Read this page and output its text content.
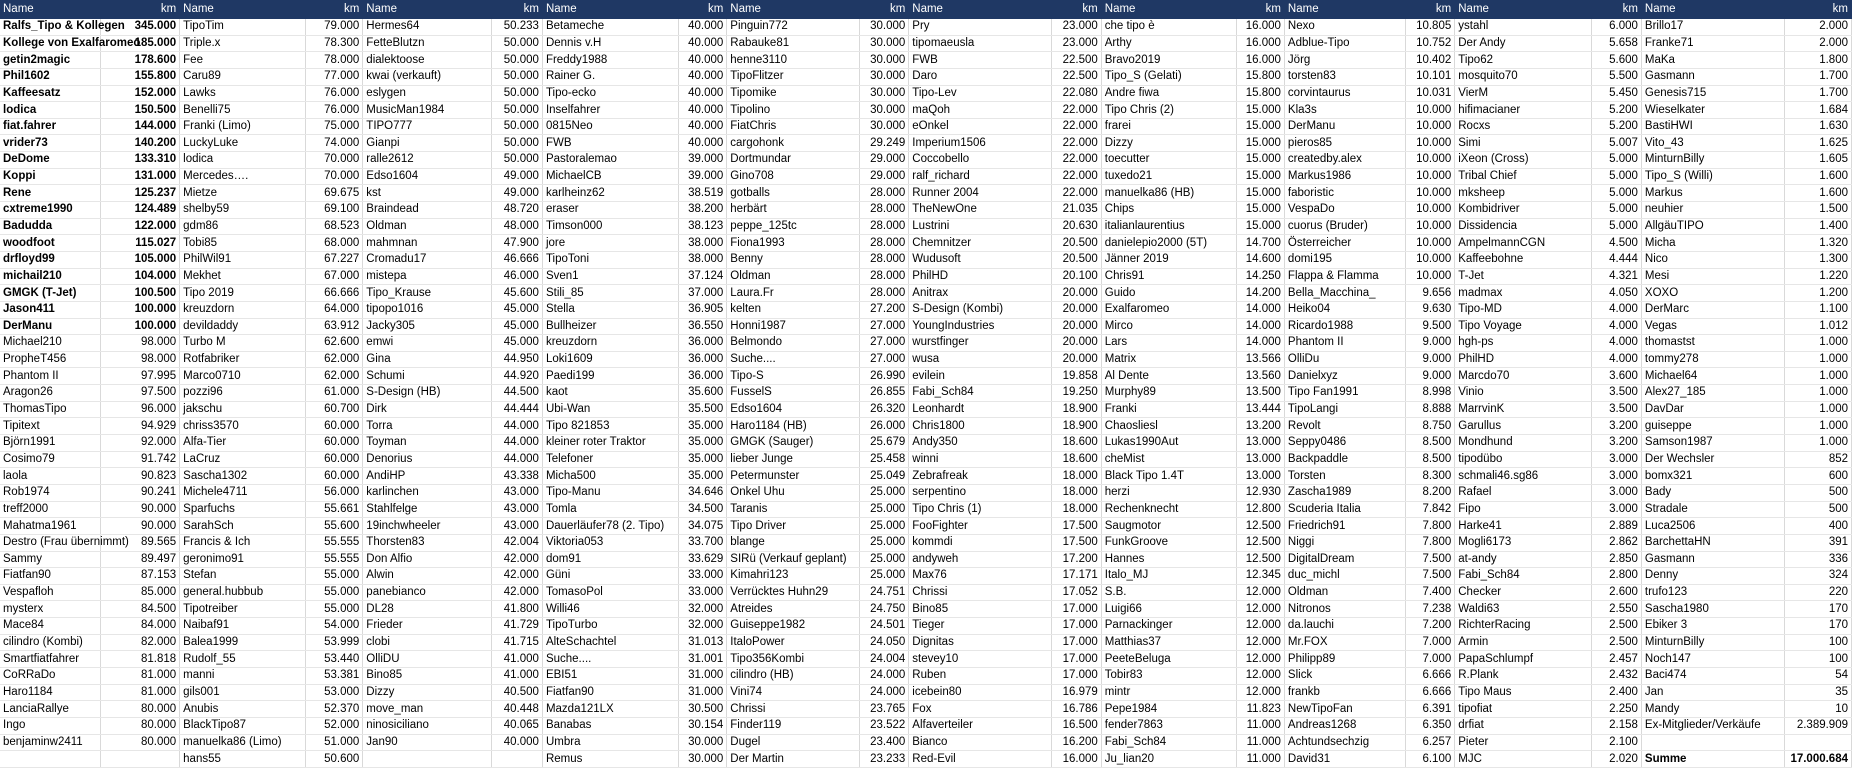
Name	km	Name	km	Name	km	Name	km	Name	km	Name	km	Name	km	Name	km	Name	km	Name	km
Ralfs_Tipo & Kollegen	345.000	TipoTim	79.000	Hermes64	50.233	Betameche	40.000	Pinguin772	30.000	Pry	23.000	che tipo è	16.000	Nexo	10.805	ystahl	6.000	Brillo17	2.000
Kollege von Exalfaromeo	185.000	Triple.x	78.300	FetteBlutzn	50.000	Dennis v.H	40.000	Rabauke81	30.000	tipomaeusla	23.000	Arthy	16.000	Adblue-Tipo	10.752	Der Andy	5.658	Franke71	2.000
getin2magic	178.600	Fee	78.000	dialektoose	50.000	Freddy1988	40.000	henne3110	30.000	FWB	22.500	Bravo2019	16.000	Jörg	10.402	Tipo62	5.600	MaKa	1.800
Phil1602	155.800	Caru89	77.000	kwai (verkauft)	50.000	Rainer G.	40.000	TipoFlitzer	30.000	Daro	22.500	Tipo_S (Gelati)	15.800	torsten83	10.101	mosquito70	5.500	Gasmann	1.700
Kaffeesatz	152.000	Lawks	76.000	eslygen	50.000	Tipo-ecko	40.000	Tipomike	30.000	Tipo-Lev	22.080	Andre fiwa	15.800	corvintaurus	10.031	VierM	5.450	Genesis715	1.700
lodica	150.500	Benelli75	76.000	MusicMan1984	50.000	Inselfahrer	40.000	Tipolino	30.000	maQoh	22.000	Tipo Chris (2)	15.000	Kla3s	10.000	hifimacianer	5.200	Wieselkater	1.684
fiat.fahrer	144.000	Franki (Limo)	75.000	TIPO777	50.000	0815Neo	40.000	FiatChris	30.000	eOnkel	22.000	frarei	15.000	DerManu	10.000	Rocxs	5.200	BastiHWI	1.630
vrider73	140.200	LuckyLuke	74.000	Gianpi	50.000	FWB	40.000	cargohonk	29.249	Imperium1506	22.000	Dizzy	15.000	pieros85	10.000	Simi	5.007	Vito_43	1.625
DeDome	133.310	lodica	70.000	ralle2612	50.000	Pastoralemao	39.000	Dortmundar	29.000	Coccobello	22.000	toecutter	15.000	createdby.alex	10.000	iXeon (Cross)	5.000	MinturnBilly	1.605
Koppi	131.000	Mercedes….	70.000	Edso1604	49.000	MichaelCB	39.000	Gino708	29.000	ralf_richard	22.000	tuxedo21	15.000	Markus1986	10.000	Tribal Chief	5.000	Tipo_S (Willi)	1.600
Rene	125.237	Mietze	69.675	kst	49.000	karlheinz62	38.519	gotballs	28.000	Runner 2004	22.000	manuelka86 (HB)	15.000	faboristic	10.000	mksheep	5.000	Markus	1.600
cxtreme1990	124.489	shelby59	69.100	Braindead	48.720	eraser	38.200	herbärt	28.000	TheNewOne	21.035	Chips	15.000	VespaDo	10.000	Kombidriver	5.000	neuhier	1.500
Badudda	122.000	gdm86	68.523	Oldman	48.000	Timson000	38.123	peppe_125tc	28.000	Lustrini	20.630	italianlaurentius	15.000	cuorus (Bruder)	10.000	Dissidencia	5.000	AllgäuTIPO	1.400
woodfoot	115.027	Tobi85	68.000	mahmnan	47.900	jore	38.000	Fiona1993	28.000	Chemnitzer	20.500	danielepio2000 (5T)	14.700	Österreicher	10.000	AmpelmannCGN	4.500	Micha	1.320
drfloyd99	105.000	PhilWil91	67.227	Cromadu17	46.666	TipoToni	38.000	Benny	28.000	Wudusoft	20.500	Jänner 2019	14.600	domi195	10.000	Kaffeebohne	4.444	Nico	1.300
michail210	104.000	Mekhet	67.000	mistepa	46.000	Sven1	37.124	Oldman	28.000	PhilHD	20.100	Chris91	14.250	Flappa & Flamma	10.000	T-Jet	4.321	Mesi	1.220
GMGK (T-Jet)	100.500	Tipo 2019	66.666	Tipo_Krause	45.600	Stili_85	37.000	Laura.Fr	28.000	Anitrax	20.000	Guido	14.200	Bella_Macchina_	9.656	madmax	4.050	XOXO	1.200
Jason411	100.000	kreuzdorn	64.000	tipopo1016	45.000	Stella	36.905	kelten	27.200	S-Design (Kombi)	20.000	Exalfaromeo	14.000	Heiko04	9.630	Tipo-MD	4.000	DerMarc	1.100
DerManu	100.000	devildaddy	63.912	Jacky305	45.000	Bullheizer	36.550	Honni1987	27.000	YoungIndustries	20.000	Mirco	14.000	Ricardo1988	9.500	Tipo Voyage	4.000	Vegas	1.012
Michael210	98.000	Turbo M	62.600	emwi	45.000	kreuzdorn	36.000	Belmondo	27.000	wurstfinger	20.000	Lars	14.000	Phantom II	9.000	hgh-ps	4.000	thomastst	1.000
PropheT456	98.000	Rotfabriker	62.000	Gina	44.950	Loki1609	36.000	Suche....	27.000	wusa	20.000	Matrix	13.566	OlliDu	9.000	PhilHD	4.000	tommy278	1.000
Phantom II	97.995	Marco0710	62.000	Schumi	44.920	Paedi199	36.000	Tipo-S	26.990	evilein	19.858	Al Dente	13.560	Danielxyz	9.000	Marcdo70	3.600	Michael64	1.000
Aragon26	97.500	pozzi96	61.000	S-Design (HB)	44.500	kaot	35.600	FusselS	26.855	Fabi_Sch84	19.250	Murphy89	13.500	Tipo Fan1991	8.998	Vinio	3.500	Alex27_185	1.000
ThomasTipo	96.000	jakschu	60.700	Dirk	44.444	Ubi-Wan	35.500	Edso1604	26.320	Leonhardt	18.900	Franki	13.444	TipoLangi	8.888	MarrvinK	3.500	DavDar	1.000
Tipitext	94.929	chriss3570	60.000	Torra	44.000	Tipo 821853	35.000	Haro1184 (HB)	26.000	Chris1800	18.900	Chaosliesl	13.200	Revolt	8.750	Garullus	3.200	guiseppe	1.000
Björn1991	92.000	Alfa-Tier	60.000	Toyman	44.000	kleiner roter Traktor	35.000	GMGK (Sauger)	25.679	Andy350	18.600	Lukas1990Aut	13.000	Seppy0486	8.500	Mondhund	3.200	Samson1987	1.000
Cosimo79	91.742	LaCruz	60.000	Denorius	44.000	Telefoner	35.000	lieber Junge	25.458	winni	18.600	cheMist	13.000	Backpaddle	8.500	tipodübo	3.000	Der Wechsler	852
laola	90.823	Sascha1302	60.000	AndiHP	43.338	Micha500	35.000	Petermunster	25.049	Zebrafreak	18.000	Black Tipo 1.4T	13.000	Torsten	8.300	schmali46.sg86	3.000	bomx321	600
Rob1974	90.241	Michele4711	56.000	karlinchen	43.000	Tipo-Manu	34.646	Onkel Uhu	25.000	serpentino	18.000	herzi	12.930	Zascha1989	8.200	Rafael	3.000	Bady	500
treff2000	90.000	Sparfuchs	55.661	Stahlfelge	43.000	Tomla	34.500	Taranis	25.000	Tipo Chris (1)	18.000	Rechenknecht	12.800	Scuderia Italia	7.842	Fipo	3.000	Stradale	500
Mahatma1961	90.000	SarahSch	55.600	19inchwheeler	43.000	Dauerläufer78 (2. Tipo)	34.075	Tipo Driver	25.000	FooFighter	17.500	Saugmotor	12.500	Friedrich91	7.800	Harke41	2.889	Luca2506	400
Destro (Frau übernimmt)	89.565	Francis & Ich	55.555	Thorsten83	42.004	Viktoria053	33.700	blange	25.000	kommdi	17.500	FunkGroove	12.500	Niggi	7.800	Mogli6173	2.862	BarchettaHN	391
Sammy	89.497	geronimo91	55.555	Don Alfio	42.000	dom91	33.629	SIRü (Verkauf geplant)	25.000	andyweh	17.200	Hannes	12.500	DigitalDream	7.500	at-andy	2.850	Gasmann	336
Fiatfan90	87.153	Stefan	55.000	Alwin	42.000	Güni	33.000	Kimahri123	25.000	Max76	17.171	Italo_MJ	12.345	duc_michl	7.500	Fabi_Sch84	2.800	Denny	324
Vespafloh	85.000	general.hubbub	55.000	panebianco	42.000	TomasoPol	33.000	Verrücktes Huhn29	24.751	Chrissi	17.052	S.B.	12.000	Oldman	7.400	Checker	2.600	trufo123	220
mysterx	84.500	Tipotreiber	55.000	DL28	41.800	Willi46	32.000	Atreides	24.750	Bino85	17.000	Luigi66	12.000	Nitronos	7.238	Waldi63	2.550	Sascha1980	170
Mace84	84.000	Naibaf91	54.000	Frieder	41.729	TipoTurbo	32.000	Guiseppe1982	24.501	Tieger	17.000	Parnackinger	12.000	da.lauchi	7.200	RichterRacing	2.500	Ebiker 3	170
cilindro (Kombi)	82.000	Balea1999	53.999	clobi	41.715	AlteSchachtel	31.013	ItaloPower	24.050	Dignitas	17.000	Matthias37	12.000	Mr.FOX	7.000	Armin	2.500	MinturnBilly	100
Smartfiatfahrer	81.818	Rudolf_55	53.440	OlliDU	41.000	Suche....	31.001	Tipo356Kombi	24.004	stevey10	17.000	PeeteBeluga	12.000	Philipp89	7.000	PapaSchlumpf	2.457	Noch147	100
CoRRaDo	81.000	manni	53.381	Bino85	41.000	EBI51	31.000	cilindro (HB)	24.000	Ruben	17.000	Tobir83	12.000	Slick	6.666	R.Plank	2.432	Baci474	54
Haro1184	81.000	gils001	53.000	Dizzy	40.500	Fiatfan90	31.000	Vini74	24.000	icebein80	16.979	mintr	12.000	frankb	6.666	Tipo Maus	2.400	Jan	35
LanciaRallye	80.000	Anubis	52.370	move_man	40.448	Mazda121LX	30.500	Chrissi	23.765	Fox	16.786	Pepe1984	11.823	NewTipoFan	6.391	tipofiat	2.250	Mandy	10
Ingo	80.000	BlackTipo87	52.000	ninosiciliano	40.065	Banabas	30.154	Finder119	23.522	Alfaverteiler	16.500	fender7863	11.000	Andreas1268	6.350	drfiat	2.158	Ex-Mitglieder/Verkäufe	2.389.909
benjaminw2411	80.000	manuelka86 (Limo)	51.000	Jan90	40.000	Umbra	30.000	Dugel	23.400	Bianco	16.200	Fabi_Sch84	11.000	Achtundsechzig	6.257	Pieter	2.100		
		hans55	50.600			Remus	30.000	Der Martin	23.233	Red-Evil	16.000	Ju_lian20	11.000	David31	6.100	MJC	2.020	Summe	17.000.684
